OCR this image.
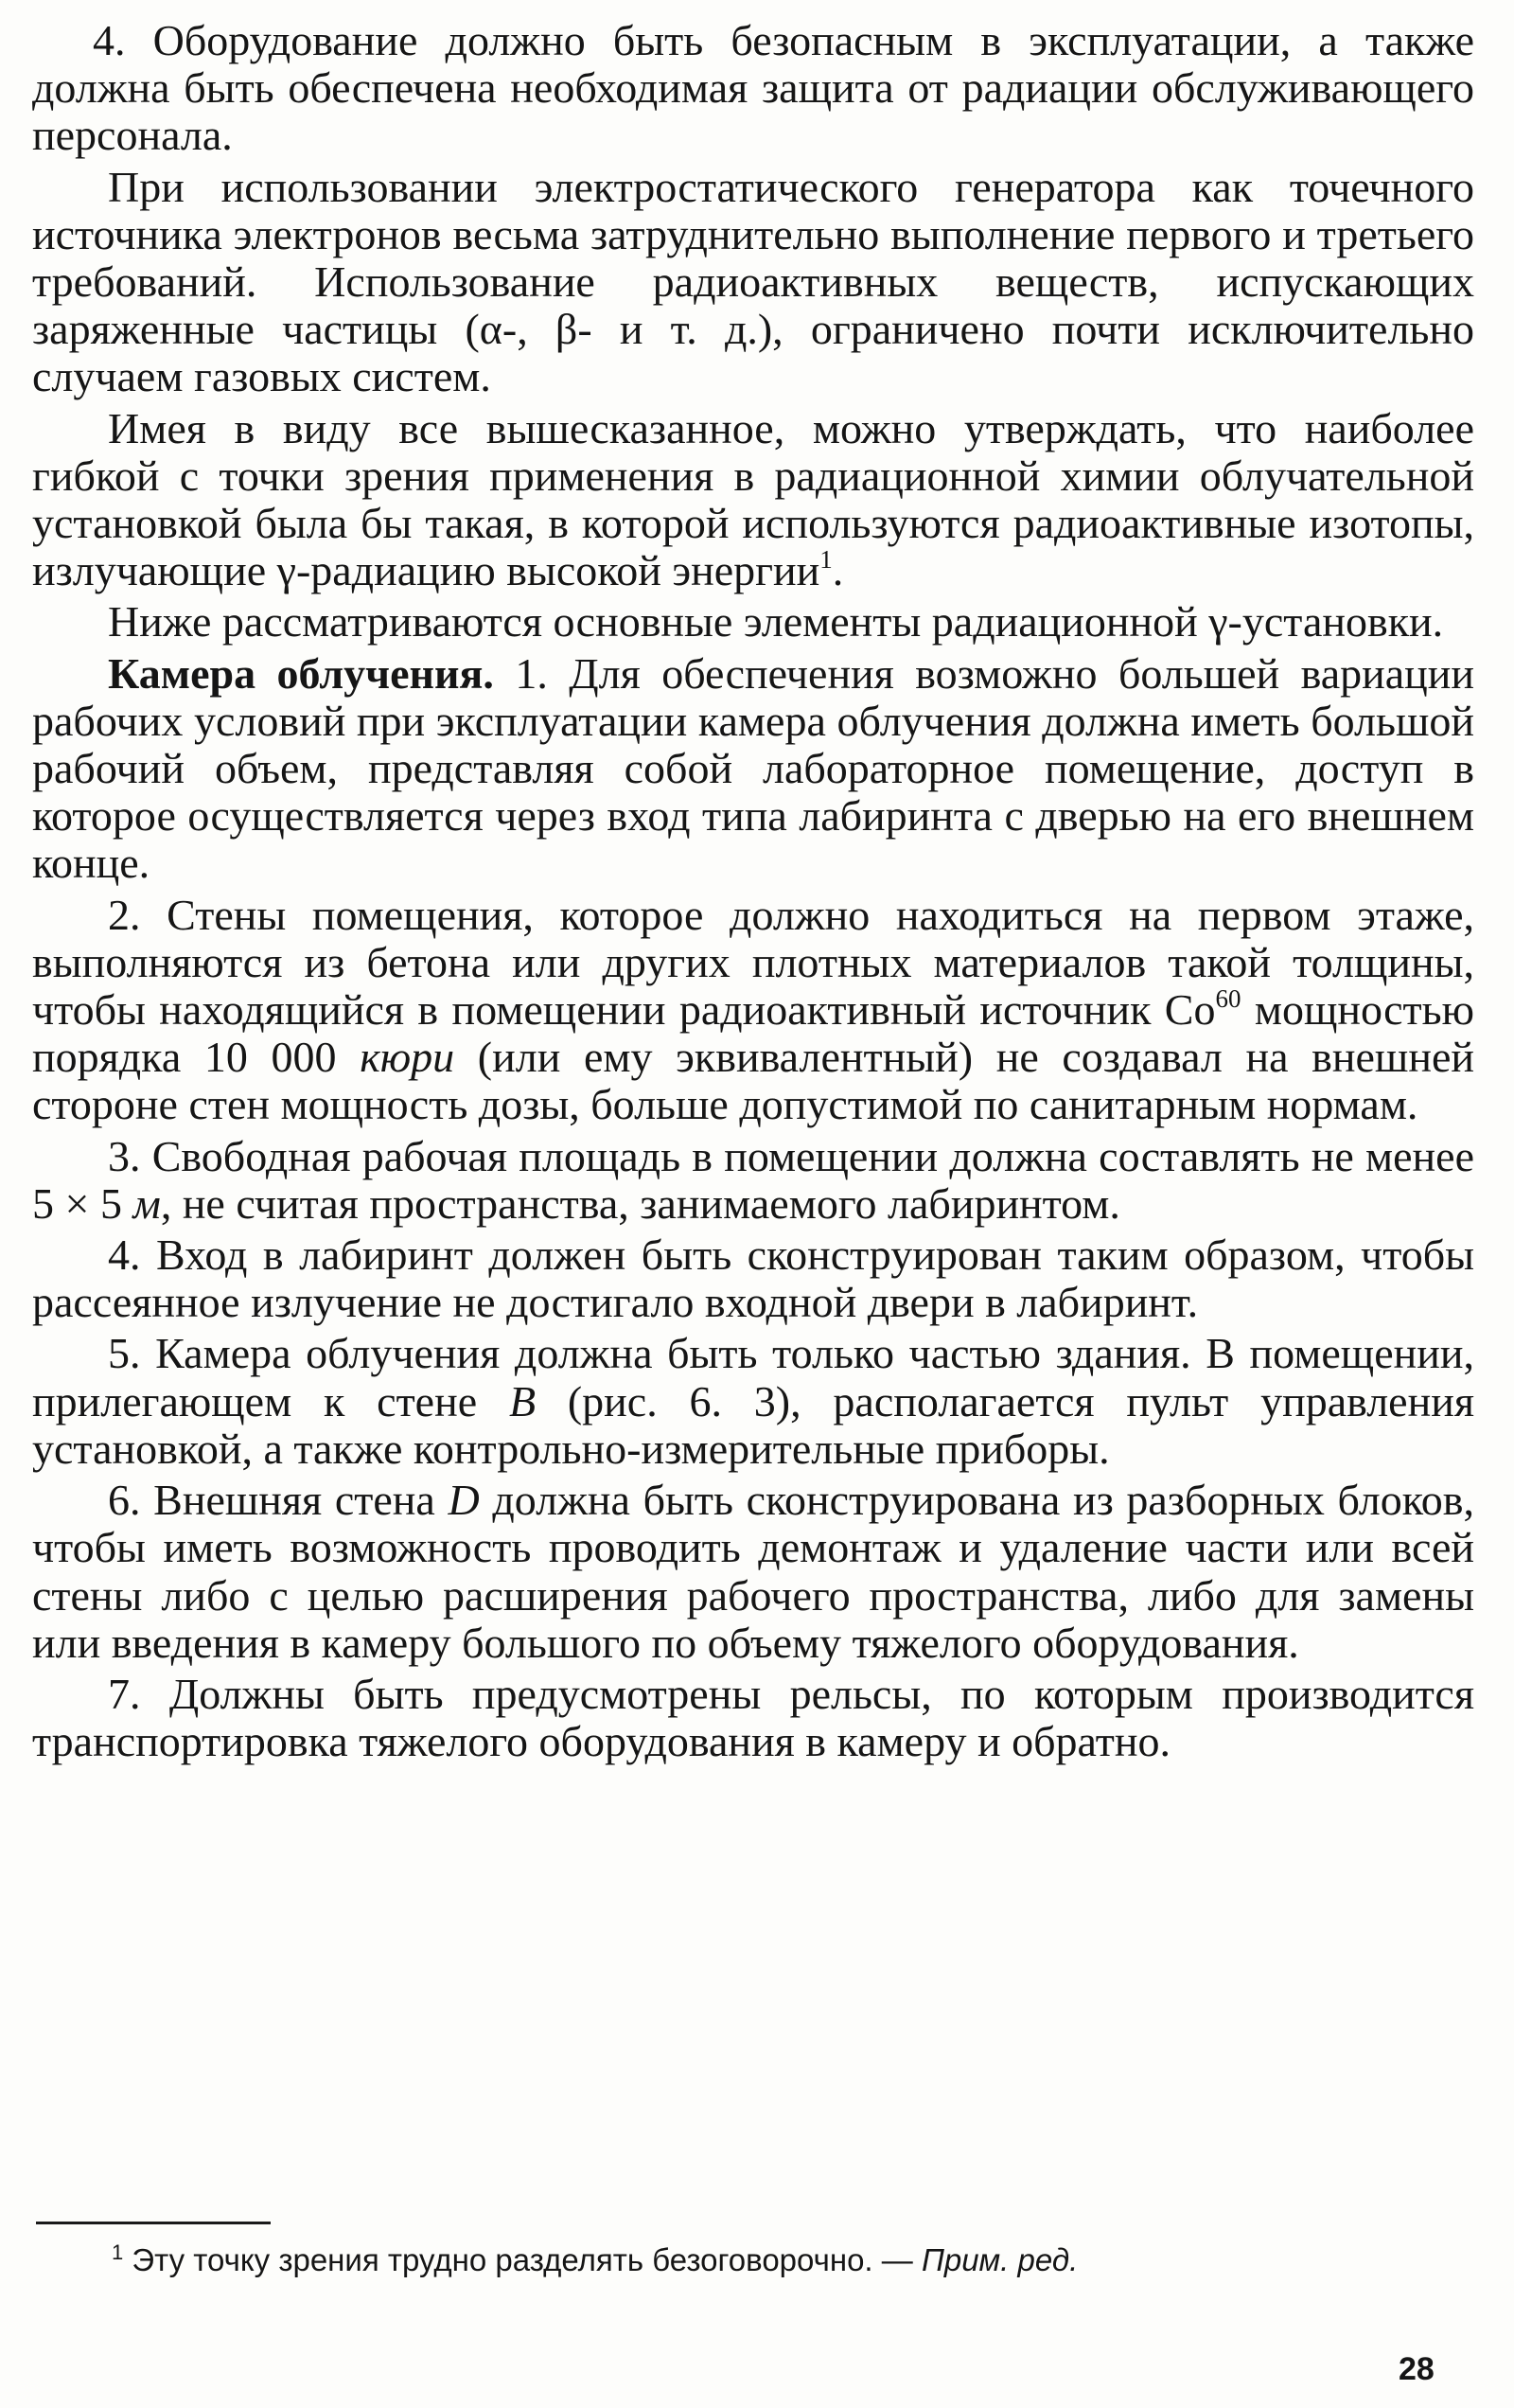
4. Оборудование должно быть безопасным в эксплуатации, а также должна быть обеспечена необходимая защита от радиации обслуживающего персонала.

При использовании электростатического генератора как точечного источника электронов весьма затруднительно выполнение первого и третьего требований. Использование радиоактивных веществ, испускающих заряженные частицы (α-, β- и т. д.), ограничено почти исключительно случаем газовых систем.

Имея в виду все вышесказанное, можно утверждать, что наиболее гибкой с точки зрения применения в радиационной химии облучательной установкой была бы такая, в которой используются радиоактивные изотопы, излучающие γ-радиацию высокой энергии$^1$.

Ниже рассматриваются основные элементы радиационной γ-установки.

Камера облучения. 1. Для обеспечения возможно большей вариации рабочих условий при эксплуатации камера облучения должна иметь большой рабочий объем, представляя собой лабораторное помещение, доступ в которое осуществляется через вход типа лабиринта с дверью на его внешнем конце.

2. Стены помещения, которое должно находиться на первом этаже, выполняются из бетона или других плотных материалов такой толщины, чтобы находящийся в помещении радиоактивный источник Co$^{60}$ мощностью порядка 10 000 кюри (или ему эквивалентный) не создавал на внешней стороне стен мощность дозы, больше допустимой по санитарным нормам.

3. Свободная рабочая площадь в помещении должна составлять не менее 5 × 5 м, не считая пространства, занимаемого лабиринтом.

4. Вход в лабиринт должен быть сконструирован таким образом, чтобы рассеянное излучение не достигало входной двери в лабиринт.

5. Камера облучения должна быть только частью здания. В помещении, прилегающем к стене В (рис. 6. 3), располагается пульт управления установкой, а также контрольно-измерительные приборы.

6. Внешняя стена D должна быть сконструирована из разборных блоков, чтобы иметь возможность проводить демонтаж и удаление части или всей стены либо с целью расширения рабочего пространства, либо для замены или введения в камеру большого по объему тяжелого оборудования.

7. Должны быть предусмотрены рельсы, по которым производится транспортировка тяжелого оборудования в камеру и обратно.

$^1$ Эту точку зрения трудно разделять безоговорочно. — Прим. ред.
28
